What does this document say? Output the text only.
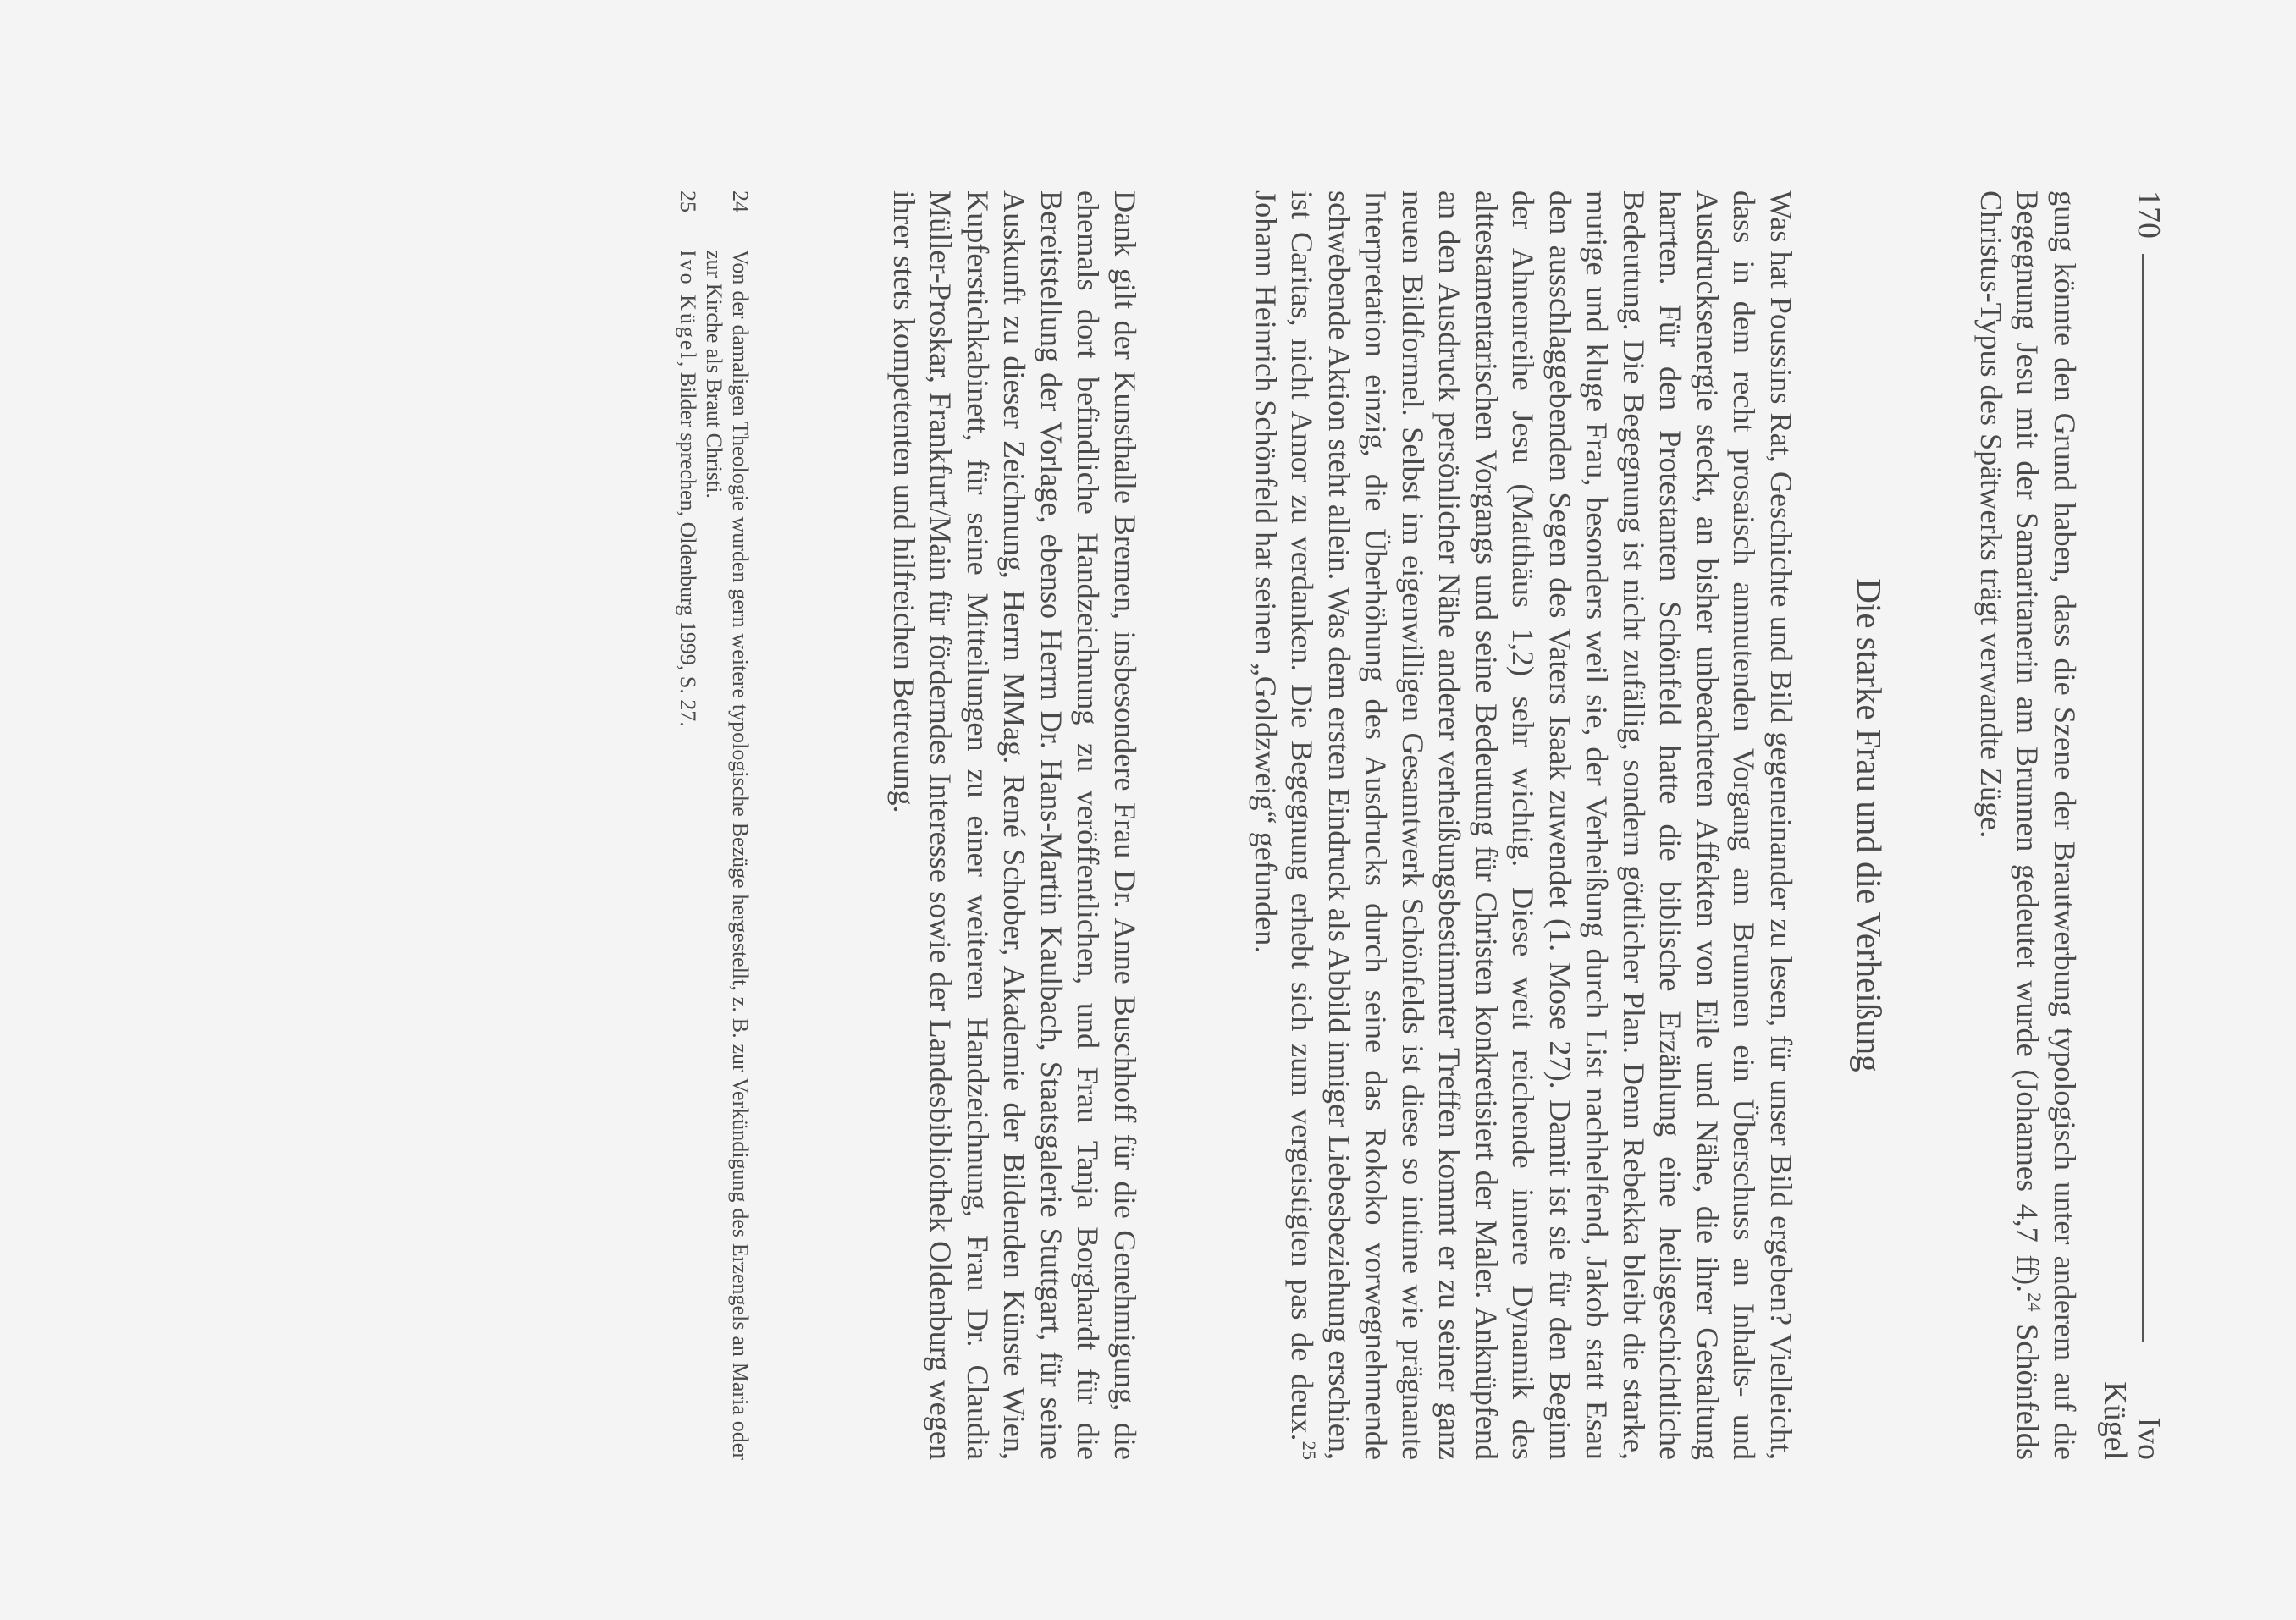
170
Ivo Kügel

gung könnte den Grund haben, dass die Szene der Brautwerbung typologisch unter anderem auf die Begegnung Jesu mit der Samaritanerin am Brunnen gedeutet wurde (Johannes 4,7 ff).$^{24}$ Schönfelds Christus-Typus des Spätwerks trägt verwandte Züge.

Die starke Frau und die Verheißung

Was hat Poussins Rat, Geschichte und Bild gegeneinander zu lesen, für unser Bild ergeben? Vielleicht, dass in dem recht prosaisch anmutenden Vorgang am Brunnen ein Überschuss an Inhalts- und Ausdrucksenergie steckt, an bisher unbeachteten Affekten von Eile und Nähe, die ihrer Gestaltung harrten. Für den Protestanten Schönfeld hatte die biblische Erzählung eine heilsgeschichtliche Bedeutung. Die Begegnung ist nicht zufällig, sondern göttlicher Plan. Denn Rebekka bleibt die starke, mutige und kluge Frau, besonders weil sie, der Verheißung durch List nachhelfend, Jakob statt Esau den ausschlaggebenden Segen des Vaters Isaak zuwendet (1. Mose 27). Damit ist sie für den Beginn der Ahnenreihe Jesu (Matthäus 1,2) sehr wichtig. Diese weit reichende innere Dynamik des alttestamentarischen Vorgangs und seine Bedeutung für Christen konkretisiert der Maler. Anknüpfend an den Ausdruck persönlicher Nähe anderer verheißungsbestimmter Treffen kommt er zu seiner ganz neuen Bildformel. Selbst im eigenwilligen Gesamtwerk Schönfelds ist diese so intime wie prägnante Interpretation einzig, die Überhöhung des Ausdrucks durch seine das Rokoko vorwegnehmende schwebende Aktion steht allein. Was dem ersten Eindruck als Abbild inniger Liebesbeziehung erschien, ist Caritas, nicht Amor zu verdanken. Die Begegnung erhebt sich zum vergeistigten pas de deux.$^{25}$ Johann Heinrich Schönfeld hat seinen „Goldzweig“ gefunden.

Dank gilt der Kunsthalle Bremen, insbesondere Frau Dr. Anne Buschhoff für die Genehmigung, die ehemals dort befindliche Handzeichnung zu veröffentlichen, und Frau Tanja Borghardt für die Bereitstellung der Vorlage, ebenso Herrn Dr. Hans-Martin Kaulbach, Staatsgalerie Stuttgart, für seine Auskunft zu dieser Zeichnung, Herrn MMag. René Schober, Akademie der Bildenden Künste Wien, Kupferstichkabinett, für seine Mitteilungen zu einer weiteren Handzeichnung, Frau Dr. Claudia Müller-Proskar, Frankfurt/Main für förderndes Interesse sowie der Landesbibliothek Oldenburg wegen ihrer stets kompetenten und hilfreichen Betreuung.

24
Von der damaligen Theologie wurden gern weitere typologische Bezüge hergestellt, z. B. zur Verkündigung des Erzengels an Maria oder zur Kirche als Braut Christi.
25
Ivo Kügel, Bilder sprechen, Oldenburg 1999, S. 27.
